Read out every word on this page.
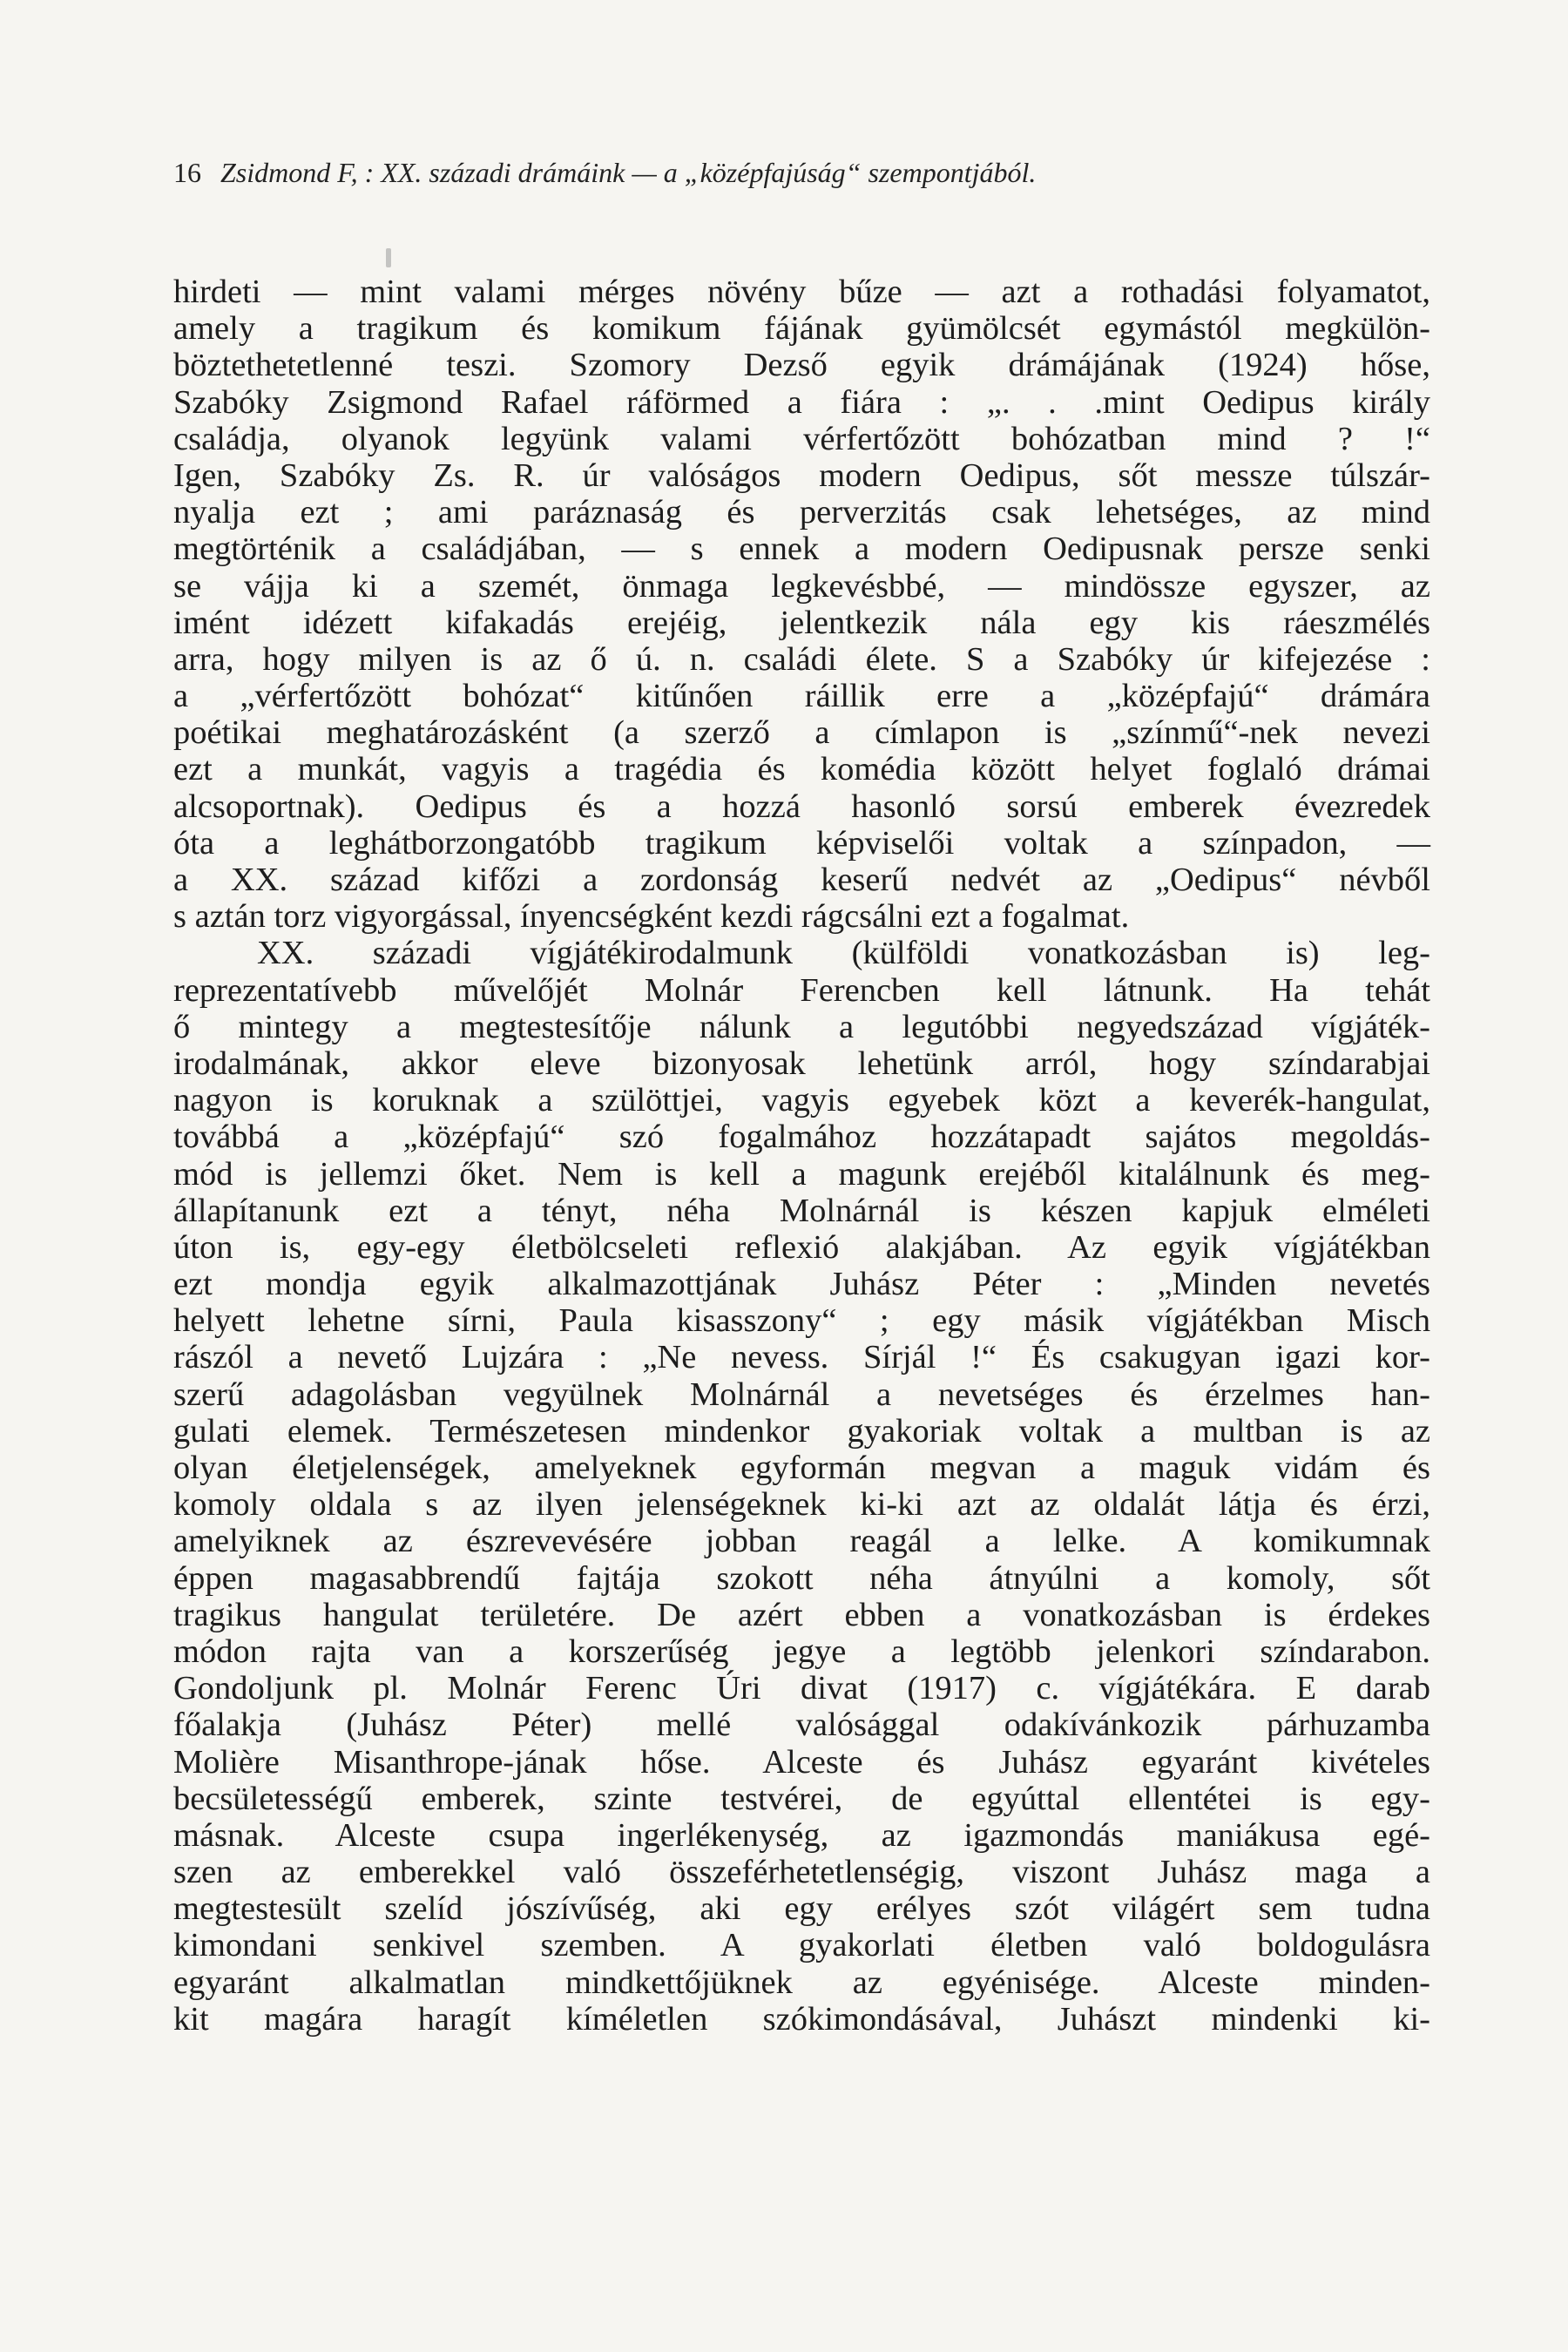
16 Zsidmond F, : XX. századi drámáink — a „középfajúság“ szempontjából.
hirdeti — mint valami mérges növény bűze — azt a rothadási folyamatot,
amely a tragikum és komikum fájának gyümölcsét egymástól megkülön-
böztethetetlenné teszi. Szomory Dezső egyik drámájának (1924) hőse,
Szabóky Zsigmond Rafael ráförmed a fiára : „. . .mint Oedipus király
családja, olyanok legyünk valami vérfertőzött bohózatban mind ? !“
Igen, Szabóky Zs. R. úr valóságos modern Oedipus, sőt messze túlszár-
nyalja ezt ; ami paráznaság és perverzitás csak lehetséges, az mind
megtörténik a családjában, — s ennek a modern Oedipusnak persze senki
se vájja ki a szemét, önmaga legkevésbbé, — mindössze egyszer, az
imént idézett kifakadás erejéig, jelentkezik nála egy kis ráeszmélés
arra, hogy milyen is az ő ú. n. családi élete. S a Szabóky úr kifejezése :
a „vérfertőzött bohózat“ kitűnően ráillik erre a „középfajú“ drámára
poétikai meghatározásként (a szerző a címlapon is „színmű“-nek nevezi
ezt a munkát, vagyis a tragédia és komédia között helyet foglaló drámai
alcsoportnak). Oedipus és a hozzá hasonló sorsú emberek évezredek
óta a leghátborzongatóbb tragikum képviselői voltak a színpadon, —
a XX. század kifőzi a zordonság keserű nedvét az „Oedipus“ névből
s aztán torz vigyorgással, ínyencségként kezdi rágcsálni ezt a fogalmat.
XX. századi vígjátékirodalmunk (külföldi vonatkozásban is) leg-
reprezentatívebb művelőjét Molnár Ferencben kell látnunk. Ha tehát
ő mintegy a megtestesítője nálunk a legutóbbi negyedszázad vígjáték-
irodalmának, akkor eleve bizonyosak lehetünk arról, hogy színdarabjai
nagyon is koruknak a szülöttjei, vagyis egyebek közt a keverék-hangulat,
továbbá a „középfajú“ szó fogalmához hozzátapadt sajátos megoldás-
mód is jellemzi őket. Nem is kell a magunk erejéből kitalálnunk és meg-
állapítanunk ezt a tényt, néha Molnárnál is készen kapjuk elméleti
úton is, egy-egy életbölcseleti reflexió alakjában. Az egyik vígjátékban
ezt mondja egyik alkalmazottjának Juhász Péter : „Minden nevetés
helyett lehetne sírni, Paula kisasszony“ ; egy másik vígjátékban Misch
rászól a nevető Lujzára : „Ne nevess. Sírjál !“ És csakugyan igazi kor-
szerű adagolásban vegyülnek Molnárnál a nevetséges és érzelmes han-
gulati elemek. Természetesen mindenkor gyakoriak voltak a multban is az
olyan életjelenségek, amelyeknek egyformán megvan a maguk vidám és
komoly oldala s az ilyen jelenségeknek ki-ki azt az oldalát látja és érzi,
amelyiknek az észrevevésére jobban reagál a lelke. A komikumnak
éppen magasabbrendű fajtája szokott néha átnyúlni a komoly, sőt
tragikus hangulat területére. De azért ebben a vonatkozásban is érdekes
módon rajta van a korszerűség jegye a legtöbb jelenkori színdarabon.
Gondoljunk pl. Molnár Ferenc Úri divat (1917) c. vígjátékára. E darab
főalakja (Juhász Péter) mellé valósággal odakívánkozik párhuzamba
Molière Misanthrope-jának hőse. Alceste és Juhász egyaránt kivételes
becsületességű emberek, szinte testvérei, de egyúttal ellentétei is egy-
másnak. Alceste csupa ingerlékenység, az igazmondás maniákusa egé-
szen az emberekkel való összeférhetetlenségig, viszont Juhász maga a
megtestesült szelíd jószívűség, aki egy erélyes szót világért sem tudna
kimondani senkivel szemben. A gyakorlati életben való boldogulásra
egyaránt alkalmatlan mindkettőjüknek az egyénisége. Alceste minden-
kit magára haragít kíméletlen szókimondásával, Juhászt mindenki ki-
